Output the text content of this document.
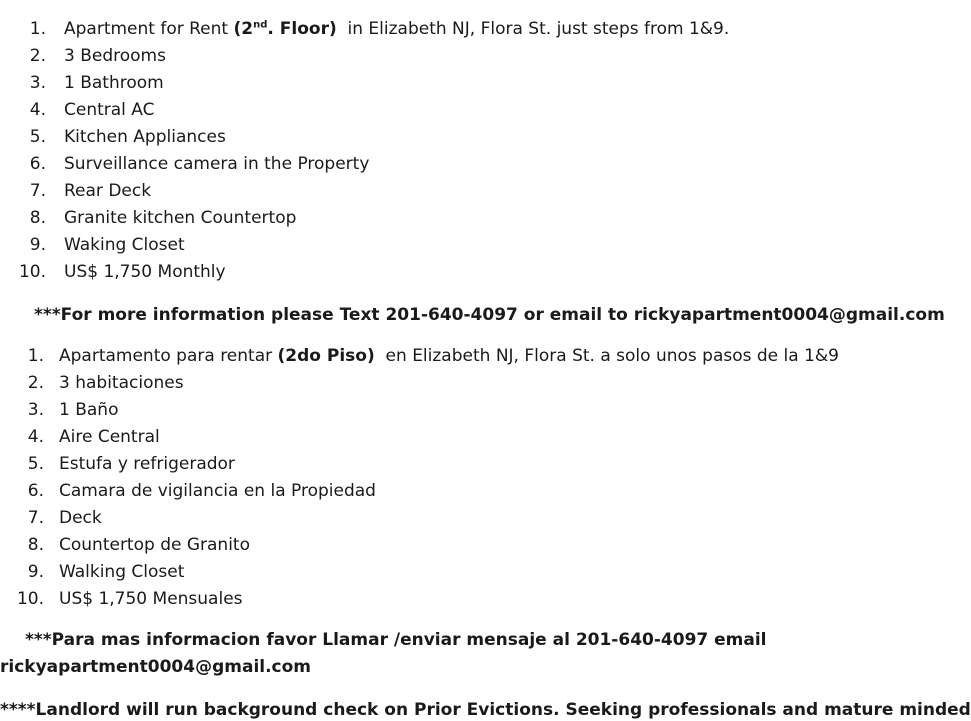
1. Apartment for Rent (2nd. Floor)  in Elizabeth NJ, Flora St. just steps from 1&9.
2. 3 Bedrooms
3. 1 Bathroom
4. Central AC
5. Kitchen Appliances
6. Surveillance camera in the Property
7. Rear Deck
8. Granite kitchen Countertop
9. Waking Closet
10. US$ 1,750 Monthly
***For more information please Text 201-640-4097 or email to rickyapartment0004@gmail.com
1. Apartamento para rentar (2do Piso)  en Elizabeth NJ, Flora St. a solo unos pasos de la 1&9
2. 3 habitaciones
3. 1 Baño
4. Aire Central
5. Estufa y refrigerador
6. Camara de vigilancia en la Propiedad
7. Deck
8. Countertop de Granito
9. Walking Closet
10. US$ 1,750 Mensuales
***Para mas informacion favor Llamar /enviar mensaje al 201-640-4097 email
rickyapartment0004@gmail.com
****Landlord will run background check on Prior Evictions. Seeking professionals and mature minded
